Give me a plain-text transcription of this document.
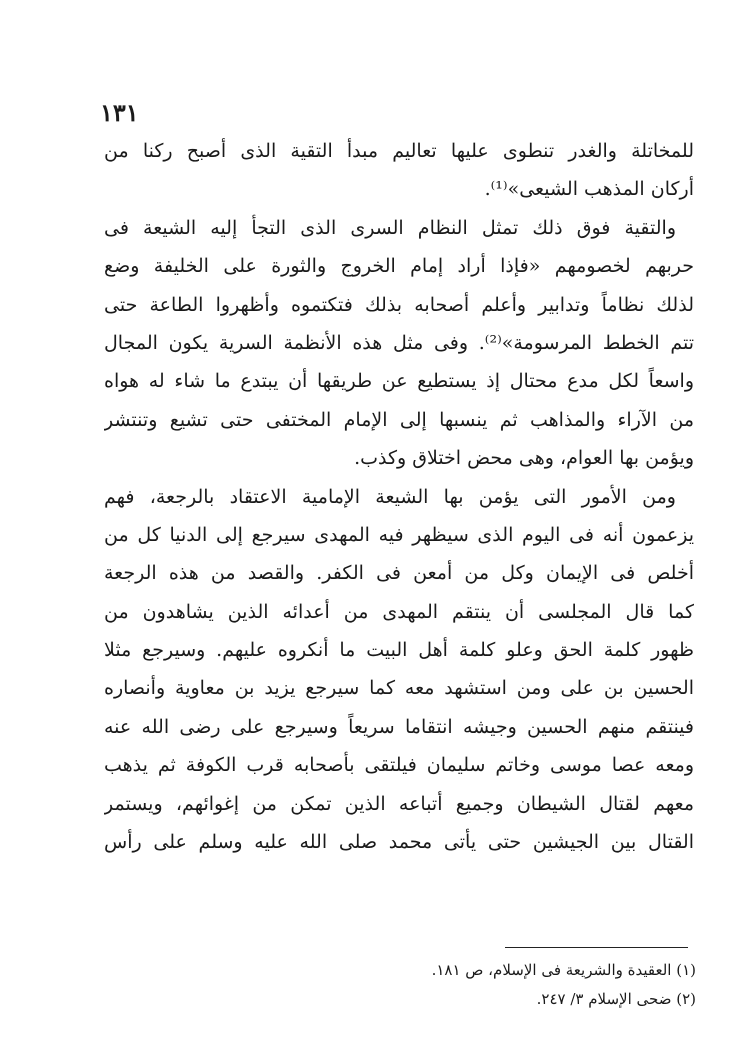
١٣١
للمخاتلة والغدر تنطوى عليها تعاليم مبدأ التقية الذى أصبح ركنا من
أركان المذهب الشيعى»⁽¹⁾.
والتقية فوق ذلك تمثل النظام السرى الذى التجأ إليه الشيعة فى
حربهم لخصومهم «فإذا أراد إمام الخروج والثورة على الخليفة وضع
لذلك نظاماً وتدابير وأعلم أصحابه بذلك فتكتموه وأظهروا الطاعة حتى
تتم الخطط المرسومة»⁽²⁾. وفى مثل هذه الأنظمة السرية يكون المجال
واسعاً لكل مدع محتال إذ يستطيع عن طريقها أن يبتدع ما شاء له هواه
من الآراء والمذاهب ثم ينسبها إلى الإمام المختفى حتى تشيع وتنتشر
ويؤمن بها العوام، وهى محض اختلاق وكذب.
ومن الأمور التى يؤمن بها الشيعة الإمامية الاعتقاد بالرجعة، فهم
يزعمون أنه فى اليوم الذى سيظهر فيه المهدى سيرجع إلى الدنيا كل من
أخلص فى الإيمان وكل من أمعن فى الكفر. والقصد من هذه الرجعة
كما قال المجلسى أن ينتقم المهدى من أعدائه الذين يشاهدون من
ظهور كلمة الحق وعلو كلمة أهل البيت ما أنكروه عليهم. وسيرجع مثلا
الحسين بن على ومن استشهد معه كما سيرجع يزيد بن معاوية وأنصاره
فينتقم منهم الحسين وجيشه انتقاما سريعاً وسيرجع على رضى الله عنه
ومعه عصا موسى وخاتم سليمان فيلتقى بأصحابه قرب الكوفة ثم يذهب
معهم لقتال الشيطان وجميع أتباعه الذين تمكن من إغوائهم، ويستمر
القتال بين الجيشين حتى يأتى محمد صلى الله عليه وسلم على رأس
(١) العقيدة والشريعة فى الإسلام، ص ١٨١.
(٢) ضحى الإسلام ٣/ ٢٤٧.
